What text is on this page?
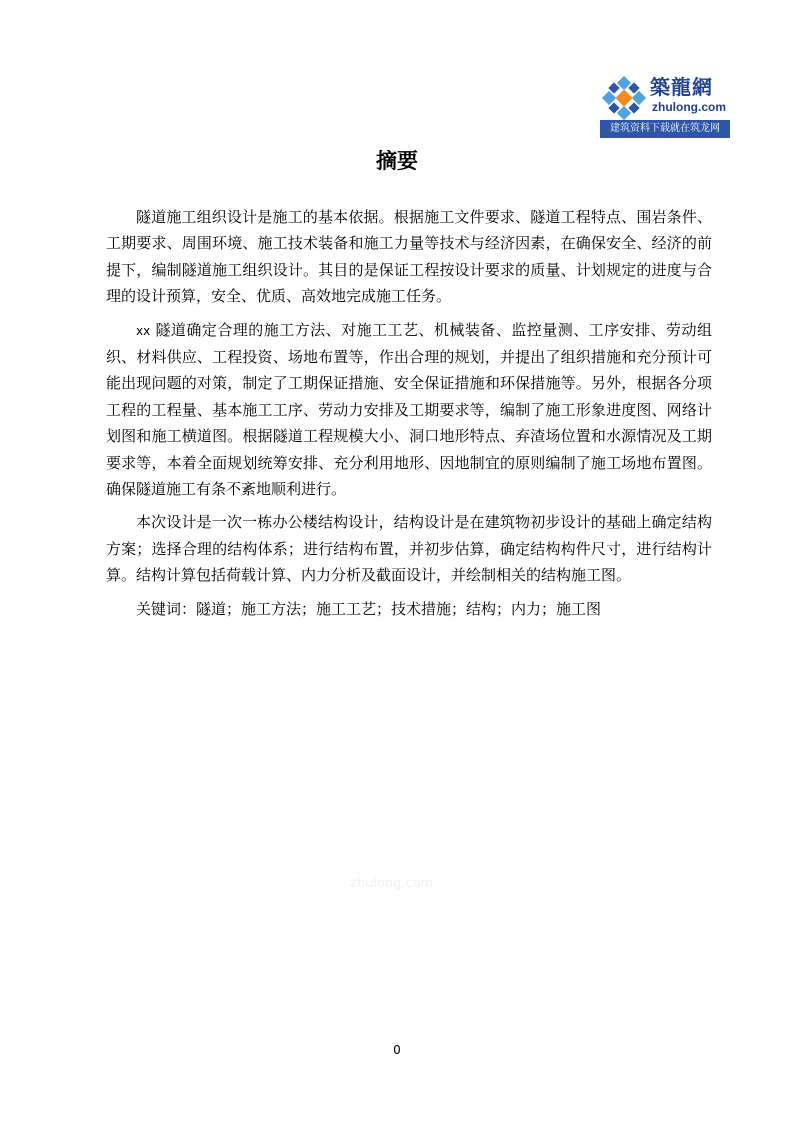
築龍網
zhulong.com
建筑资料下载就在筑龙网
摘要

隧道施工组织设计是施工的基本依据。根据施工文件要求、隧道工程特点、围岩条件、工期要求、周围环境、施工技术装备和施工力量等技术与经济因素，在确保安全、经济的前提下，编制隧道施工组织设计。其目的是保证工程按设计要求的质量、计划规定的进度与合理的设计预算，安全、优质、高效地完成施工任务。

xx 隧道确定合理的施工方法、对施工工艺、机械装备、监控量测、工序安排、劳动组织、材料供应、工程投资、场地布置等，作出合理的规划，并提出了组织措施和充分预计可能出现问题的对策，制定了工期保证措施、安全保证措施和环保措施等。另外，根据各分项工程的工程量、基本施工工序、劳动力安排及工期要求等，编制了施工形象进度图、网络计划图和施工横道图。根据隧道工程规模大小、洞口地形特点、弃渣场位置和水源情况及工期要求等，本着全面规划统筹安排、充分利用地形、因地制宜的原则编制了施工场地布置图。确保隧道施工有条不紊地顺利进行。

本次设计是一次一栋办公楼结构设计，结构设计是在建筑物初步设计的基础上确定结构方案；选择合理的结构体系；进行结构布置，并初步估算，确定结构构件尺寸，进行结构计算。结构计算包括荷载计算、内力分析及截面设计，并绘制相关的结构施工图。

关键词：隧道；施工方法；施工工艺；技术措施；结构；内力；施工图

zhulong.com
0
